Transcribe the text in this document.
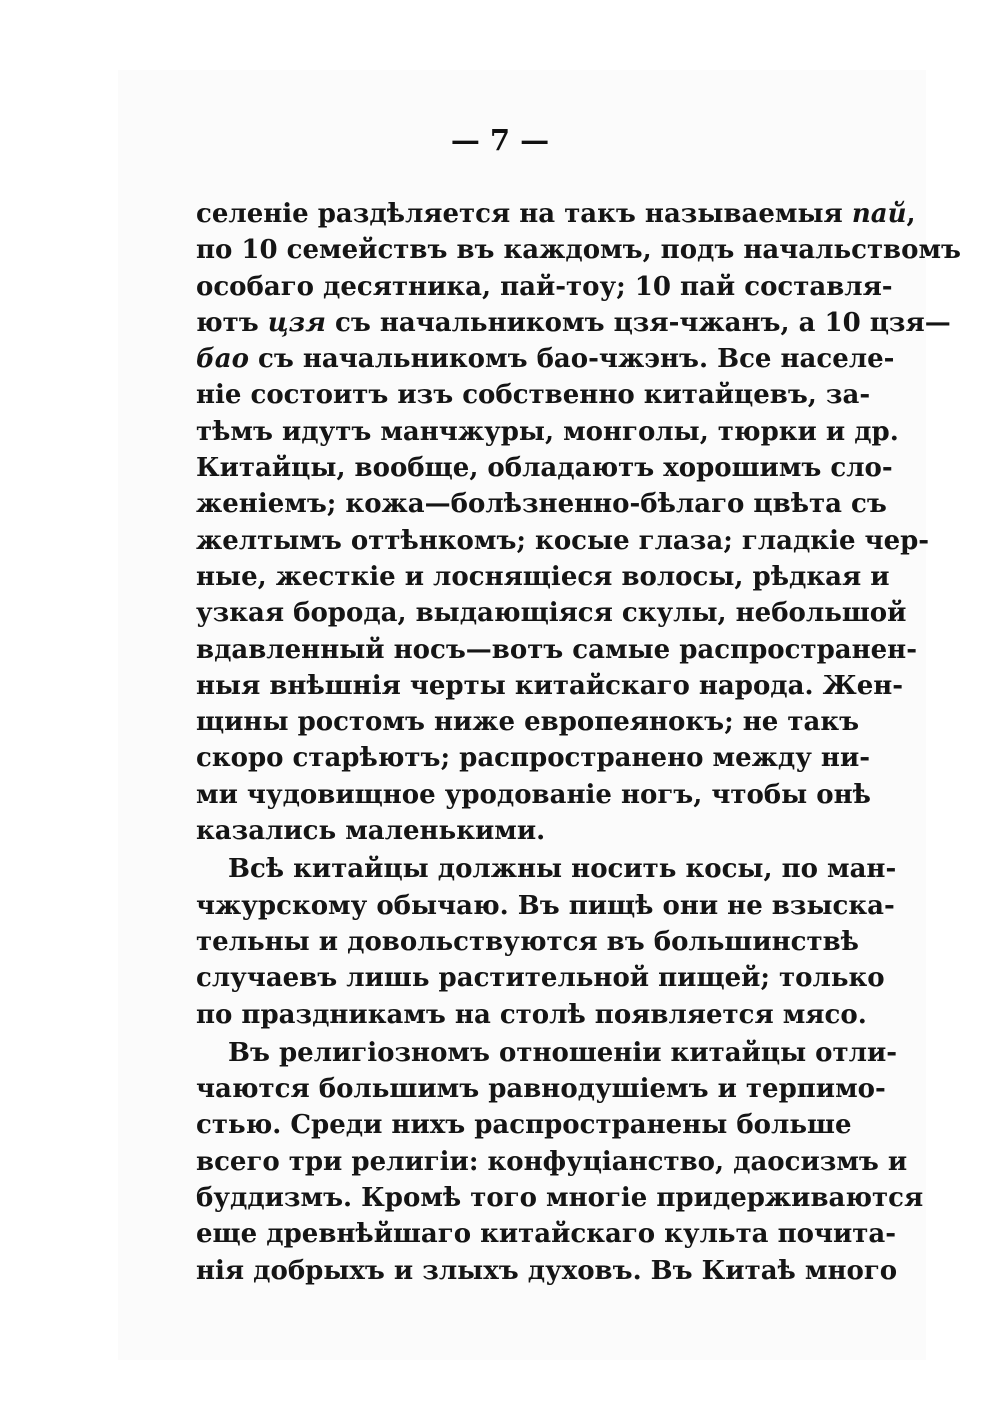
— 7 —
селеніе раздѣляется на такъ называемыя пай,
по 10 семействъ въ каждомъ, подъ начальствомъ
особаго десятника, пай-тоу; 10 пай составля-
ютъ цзя съ начальникомъ цзя-чжанъ, а 10 цзя—
бао съ начальникомъ бао-чжэнъ. Все населе-
ніе состоитъ изъ собственно китайцевъ, за-
тѣмъ идутъ манчжуры, монголы, тюрки и др.
Китайцы, вообще, обладаютъ хорошимъ сло-
женіемъ; кожа—болѣзненно-бѣлаго цвѣта съ
желтымъ оттѣнкомъ; косые глаза; гладкіе чер-
ные, жесткіе и лоснящіеся волосы, рѣдкая и
узкая борода, выдающіяся скулы, небольшой
вдавленный носъ—вотъ самые распространен-
ныя внѣшнія черты китайскаго народа. Жен-
щины ростомъ ниже европеянокъ; не такъ
скоро старѣютъ; распространено между ни-
ми чудовищное уродованіе ногъ, чтобы онѣ
казались маленькими.
Всѣ китайцы должны носить косы, по ман-
чжурскому обычаю. Въ пищѣ они не взыска-
тельны и довольствуются въ большинствѣ
случаевъ лишь растительной пищей; только
по праздникамъ на столѣ появляется мясо.
Въ религіозномъ отношеніи китайцы отли-
чаются большимъ равнодушіемъ и терпимо-
стью. Среди нихъ распространены больше
всего три религіи: конфуціанство, даосизмъ и
буддизмъ. Кромѣ того многіе придерживаются
еще древнѣйшаго китайскаго культа почита-
нія добрыхъ и злыхъ духовъ. Въ Китаѣ много
